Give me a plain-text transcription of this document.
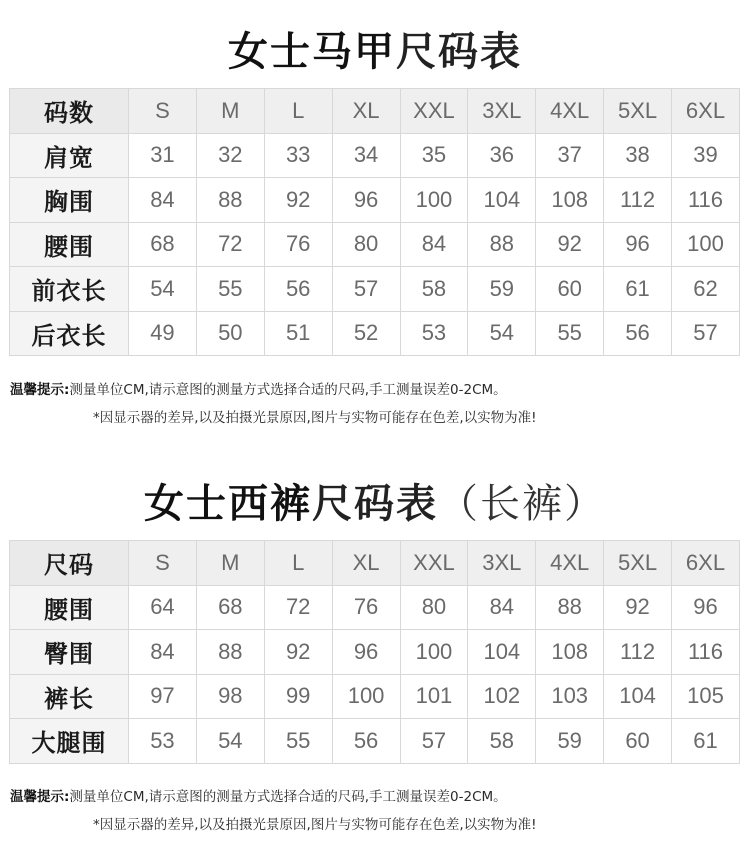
女士马甲尺码表
码数	S	M	L	XL	XXL	3XL	4XL	5XL	6XL
肩宽	31	32	33	34	35	36	37	38	39
胸围	84	88	92	96	100	104	108	112	116
腰围	68	72	76	80	84	88	92	96	100
前衣长	54	55	56	57	58	59	60	61	62
后衣长	49	50	51	52	53	54	55	56	57
温馨提示:测量单位CM,请示意图的测量方式选择合适的尺码,手工测量误差0-2CM。
*因显示器的差异,以及拍摄光景原因,图片与实物可能存在色差,以实物为准!
女士西裤尺码表（长裤）
尺码	S	M	L	XL	XXL	3XL	4XL	5XL	6XL
腰围	64	68	72	76	80	84	88	92	96
臀围	84	88	92	96	100	104	108	112	116
裤长	97	98	99	100	101	102	103	104	105
大腿围	53	54	55	56	57	58	59	60	61
温馨提示:测量单位CM,请示意图的测量方式选择合适的尺码,手工测量误差0-2CM。
*因显示器的差异,以及拍摄光景原因,图片与实物可能存在色差,以实物为准!
